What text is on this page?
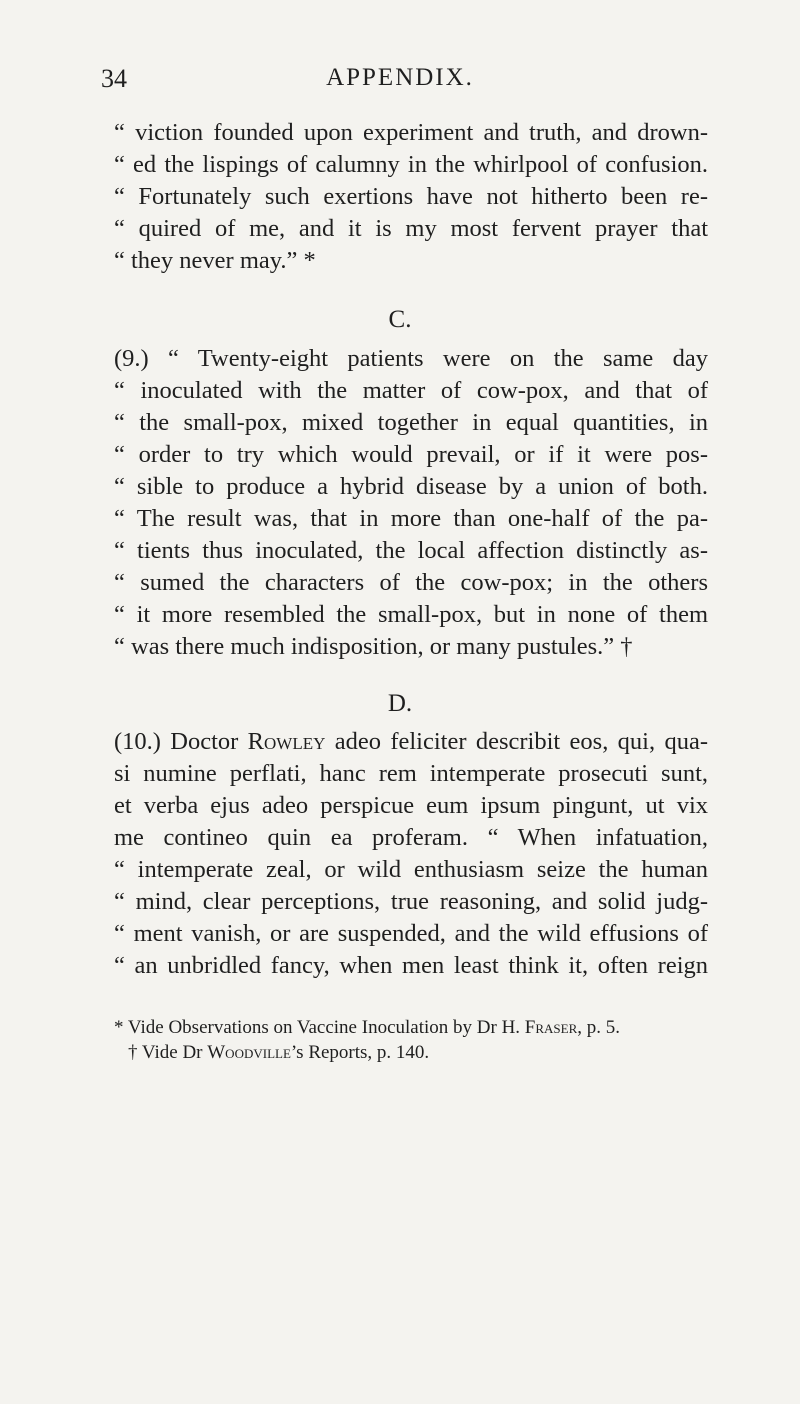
34	APPENDIX.
“ viction founded upon experiment and truth, and drown-
“ ed the lispings of calumny in the whirlpool of confusion.
“ Fortunately such exertions have not hitherto been re-
“ quired of me, and it is my most fervent prayer that
“ they never may.” *
C.
(9.) “ Twenty-eight patients were on the same day
“ inoculated with the matter of cow-pox, and that of
“ the small-pox, mixed together in equal quantities, in
“ order to try which would prevail, or if it were pos-
“ sible to produce a hybrid disease by a union of both.
“ The result was, that in more than one-half of the pa-
“ tients thus inoculated, the local affection distinctly as-
“ sumed the characters of the cow-pox; in the others
“ it more resembled the small-pox, but in none of them
“ was there much indisposition, or many pustules.” †
D.
(10.) Doctor Rowley adeo feliciter describit eos, qui, qua-
si numine perflati, hanc rem intemperate prosecuti sunt,
et verba ejus adeo perspicue eum ipsum pingunt, ut vix
me contineo quin ea proferam. “ When infatuation,
“ intemperate zeal, or wild enthusiasm seize the human
“ mind, clear perceptions, true reasoning, and solid judg-
“ ment vanish, or are suspended, and the wild effusions of
“ an unbridled fancy, when men least think it, often reign
* Vide Observations on Vaccine Inoculation by Dr H. Fraser, p. 5.
† Vide Dr Woodville’s Reports, p. 140.
